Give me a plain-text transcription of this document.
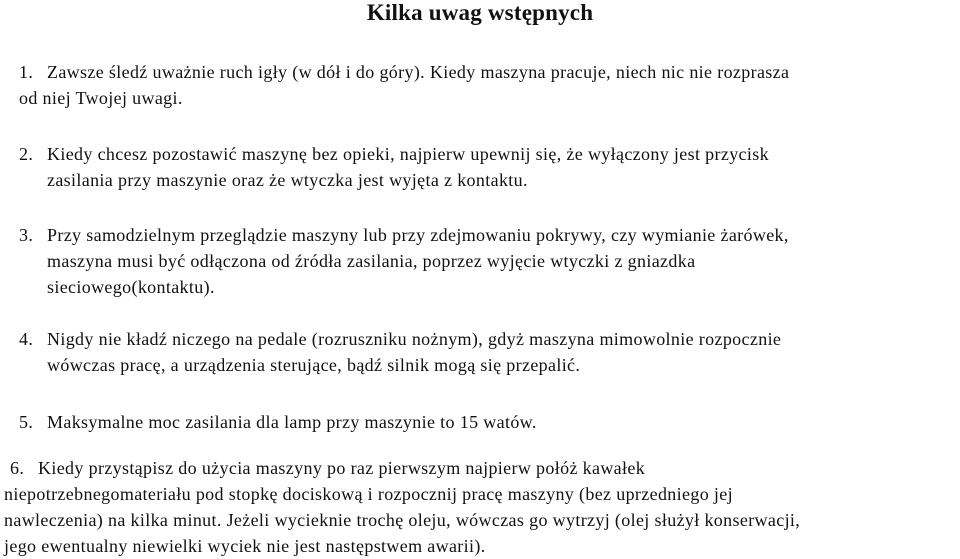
Kilka uwag wstępnych
1. Zawsze śledź uważnie ruch igły (w dół i do góry). Kiedy maszyna pracuje, niech nic nie rozprasza

od niej Twojej uwagi.

2. Kiedy chcesz pozostawić maszynę bez opieki, najpierw upewnij się, że wyłączony jest przycisk

zasilania przy maszynie oraz że wtyczka jest wyjęta z kontaktu.

3. Przy samodzielnym przeglądzie maszyny lub przy zdejmowaniu pokrywy, czy wymianie żarówek,

maszyna musi być odłączona od źródła zasilania, poprzez wyjęcie wtyczki z gniazdka

sieciowego(kontaktu).

4. Nigdy nie kładź niczego na pedale (rozruszniku nożnym), gdyż maszyna mimowolnie rozpocznie

wówczas pracę, a urządzenia sterujące, bądź silnik mogą się przepalić.

5. Maksymalne moc zasilania dla lamp przy maszynie to 15 watów.

6. Kiedy przystąpisz do użycia maszyny po raz pierwszym najpierw połóż kawałek

niepotrzebnegomateriału pod stopkę dociskową i rozpocznij pracę maszyny (bez uprzedniego jej

nawleczenia) na kilka minut. Jeżeli wycieknie trochę oleju, wówczas go wytrzyj (olej służył konserwacji,

jego ewentualny niewielki wyciek nie jest następstwem awarii).
